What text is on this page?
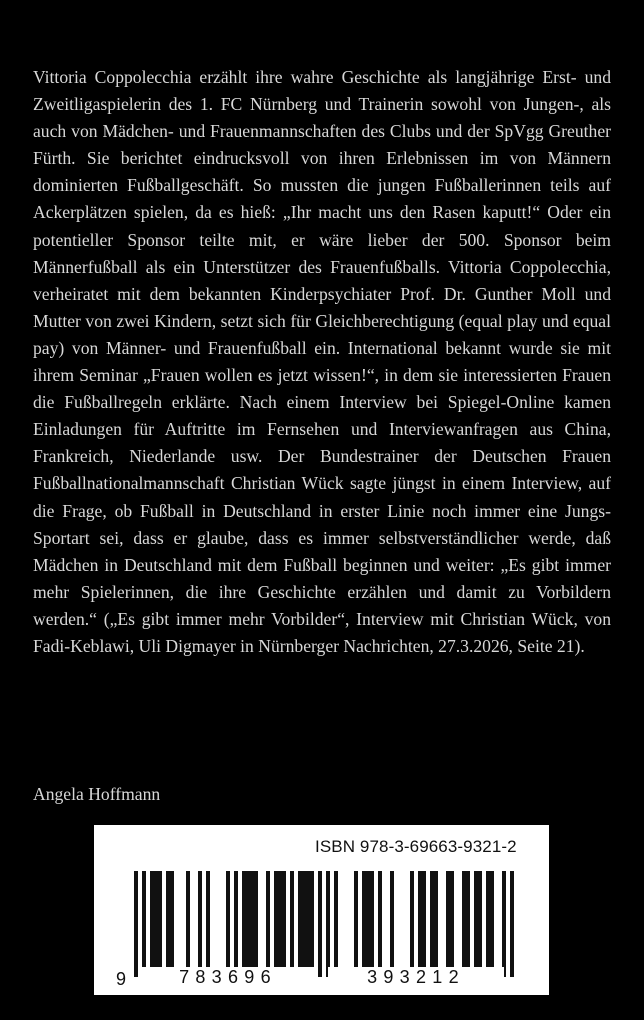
Vittoria Coppolecchia erzählt ihre wahre Geschichte als langjährige Erst- und Zweitligaspielerin des 1. FC Nürnberg und Trainerin sowohl von Jungen-, als auch von Mädchen- und Frauenmannschaften des Clubs und der SpVgg Greuther Fürth. Sie berichtet eindrucksvoll von ihren Erlebnissen im von Männern dominierten Fußballgeschäft. So mussten die jungen Fußballerinnen teils auf Ackerplätzen spielen, da es hieß: „Ihr macht uns den Rasen kaputt!“ Oder ein potentieller Sponsor teilte mit, er wäre lieber der 500. Sponsor beim Männerfußball als ein Unterstützer des Frauenfußballs. Vittoria Coppolecchia, verheiratet mit dem bekannten Kinderpsychiater Prof. Dr. Gunther Moll und Mutter von zwei Kindern, setzt sich für Gleichberechtigung (equal play und equal pay) von Männer- und Frauenfußball ein. International bekannt wurde sie mit ihrem Seminar „Frauen wollen es jetzt wissen!“, in dem sie interessierten Frauen die Fußballregeln erklärte. Nach einem Interview bei Spiegel-Online kamen Einladungen für Auftritte im Fernsehen und Interviewanfragen aus China, Frankreich, Niederlande usw. Der Bundestrainer der Deutschen Frauen Fußballnationalmannschaft Christian Wück sagte jüngst in einem Interview, auf die Frage, ob Fußball in Deutschland in erster Linie noch immer eine Jungs-Sportart sei, dass er glaube, dass es immer selbstverständlicher werde, daß Mädchen in Deutschland mit dem Fußball beginnen und weiter: „Es gibt immer mehr Spielerinnen, die ihre Geschichte erzählen und damit zu Vorbildern werden.“ („Es gibt immer mehr Vorbilder“, Interview mit Christian Wück, von Fadi-Keblawi, Uli Digmayer in Nürnberger Nachrichten, 27.3.2026, Seite 21).

Angela Hoffmann

ISBN 978-3-69663-9321-2
9	783696	393212
